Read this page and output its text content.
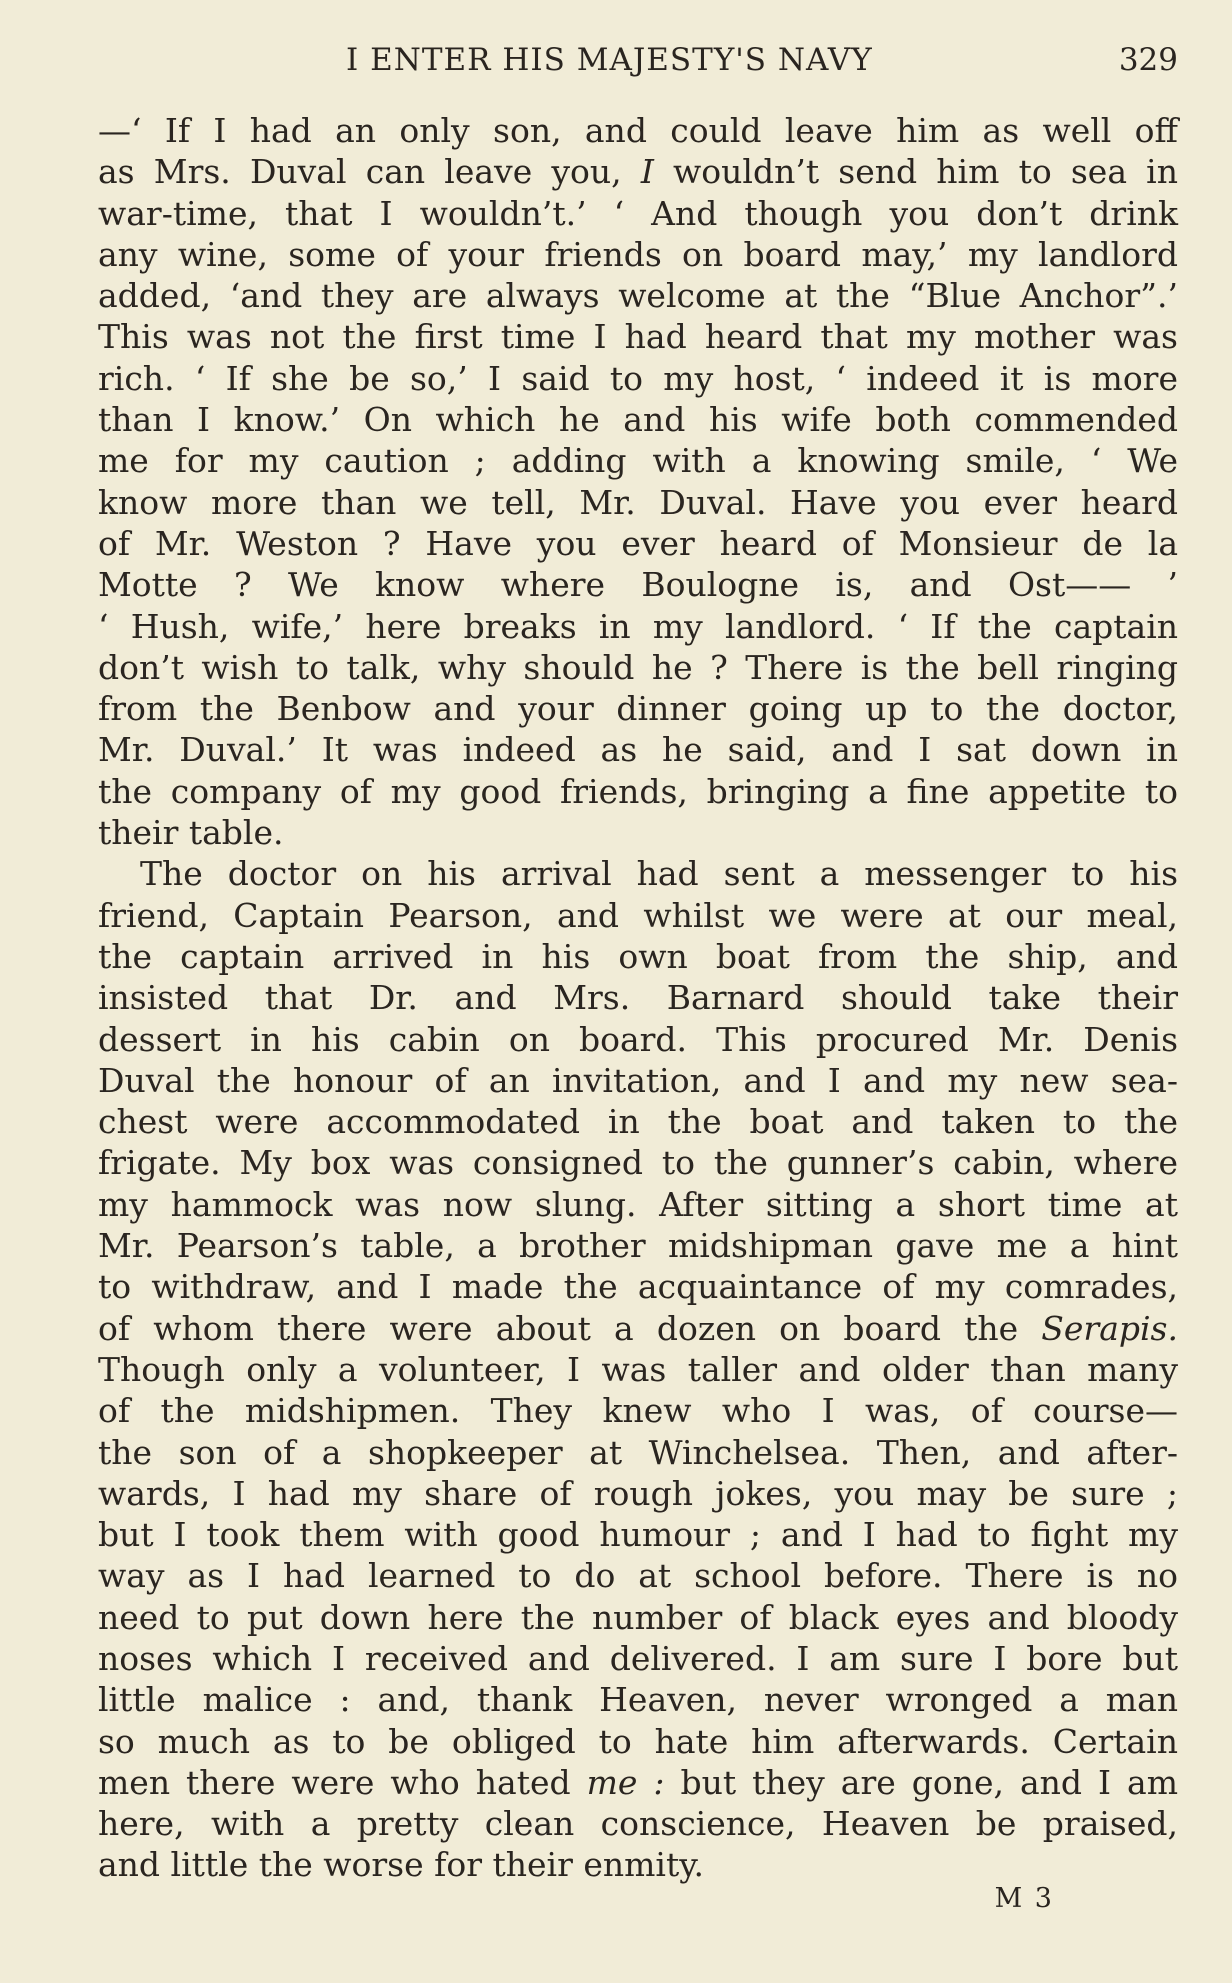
I ENTER HIS MAJESTY'S NAVY	329
—‘ If I had an only son, and could leave him as well off
as Mrs. Duval can leave you, I wouldn’t send him to sea in
war-time, that I wouldn’t.’ ‘ And though you don’t drink
any wine, some of your friends on board may,’ my landlord
added, ‘and they are always welcome at the “Blue Anchor”.’
This was not the first time I had heard that my mother was
rich. ‘ If she be so,’ I said to my host, ‘ indeed it is more
than I know.’ On which he and his wife both commended
me for my caution ; adding with a knowing smile, ‘ We
know more than we tell, Mr. Duval. Have you ever heard
of Mr. Weston ? Have you ever heard of Monsieur de la
Motte ? We know where Boulogne is, and Ost—— ’
‘ Hush, wife,’ here breaks in my landlord. ‘ If the captain
don’t wish to talk, why should he ? There is the bell ringing
from the Benbow and your dinner going up to the doctor,
Mr. Duval.’ It was indeed as he said, and I sat down in
the company of my good friends, bringing a fine appetite to
their table.
The doctor on his arrival had sent a messenger to his
friend, Captain Pearson, and whilst we were at our meal,
the captain arrived in his own boat from the ship, and
insisted that Dr. and Mrs. Barnard should take their
dessert in his cabin on board. This procured Mr. Denis
Duval the honour of an invitation, and I and my new sea-
chest were accommodated in the boat and taken to the
frigate. My box was consigned to the gunner’s cabin, where
my hammock was now slung. After sitting a short time at
Mr. Pearson’s table, a brother midshipman gave me a hint
to withdraw, and I made the acquaintance of my comrades,
of whom there were about a dozen on board the Serapis.
Though only a volunteer, I was taller and older than many
of the midshipmen. They knew who I was, of course—
the son of a shopkeeper at Winchelsea. Then, and after-
wards, I had my share of rough jokes, you may be sure ;
but I took them with good humour ; and I had to fight my
way as I had learned to do at school before. There is no
need to put down here the number of black eyes and bloody
noses which I received and delivered. I am sure I bore but
little malice : and, thank Heaven, never wronged a man
so much as to be obliged to hate him afterwards. Certain
men there were who hated me : but they are gone, and I am
here, with a pretty clean conscience, Heaven be praised,
and little the worse for their enmity.
M 3
